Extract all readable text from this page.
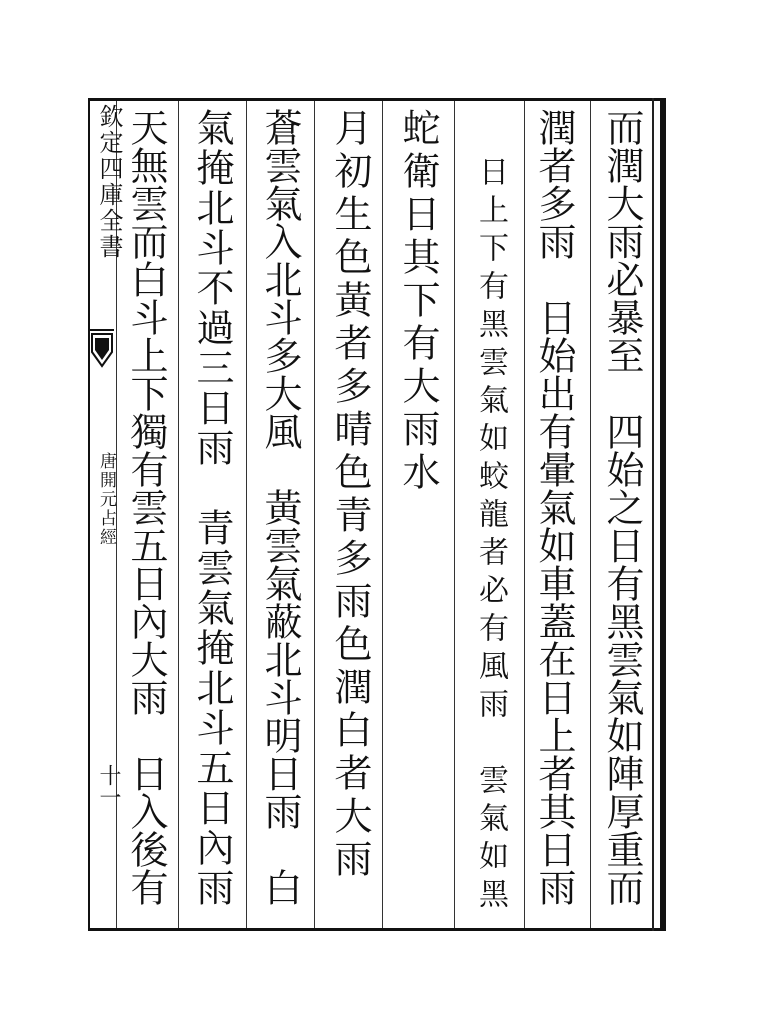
欽定四庫全書
唐開元占經
十一	而潤大雨必暴至　四始之日有黑雲氣如陣厚重而
潤者多雨　日始出有暈氣如車蓋在日上者其日雨
日上下有黑雲氣如蛟龍者必有風雨　雲氣如黑
蛇衛日其下有大雨水
月初生色黃者多晴色青多雨色潤白者大雨
蒼雲氣入北斗多大風　黃雲氣蔽北斗明日雨　白
氣掩北斗不過三日雨　青雲氣掩北斗五日內雨
天無雲而白斗上下獨有雲五日內大雨　日入後有
